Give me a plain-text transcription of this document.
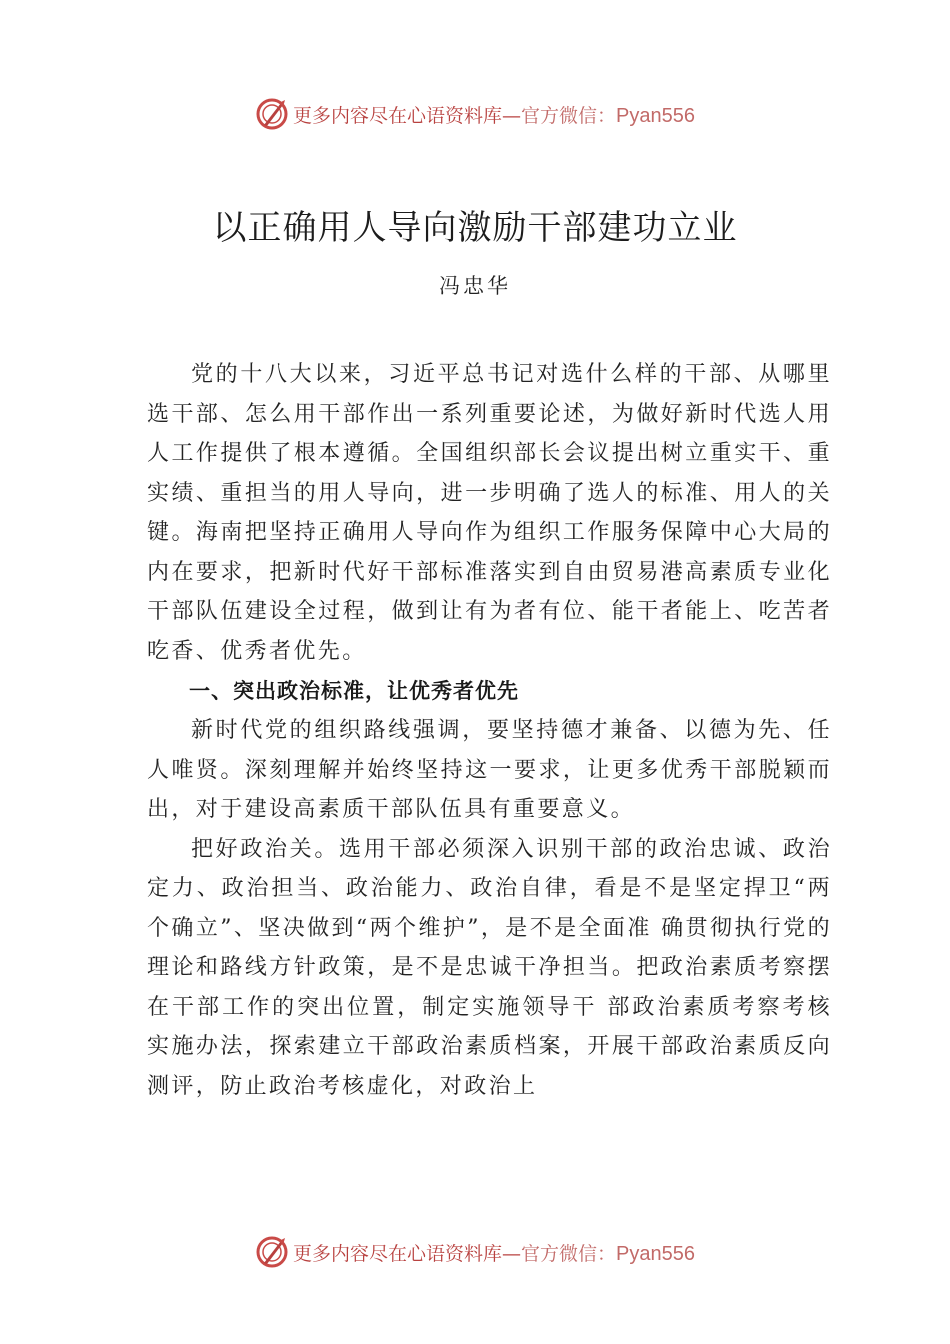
更多内容尽在心语资料库—官方微信：Pyan556
以正确用人导向激励干部建功立业
冯忠华

党的十八大以来，习近平总书记对选什么样的干部、从哪里选干部、怎么用干部作出一系列重要论述，为做好新时代选人用人工作提供了根本遵循。全国组织部长会议提出树立重实干、重实绩、重担当的用人导向，进一步明确了选人的标准、用人的关键。海南把坚持正确用人导向作为组织工作服务保障中心大局的内在要求，把新时代好干部标准落实到自由贸易港高素质专业化干部队伍建设全过程，做到让有为者有位、能干者能上、吃苦者吃香、优秀者优先。

一、突出政治标准，让优秀者优先

新时代党的组织路线强调，要坚持德才兼备、以德为先、任人唯贤。深刻理解并始终坚持这一要求，让更多优秀干部脱颖而出，对于建设高素质干部队伍具有重要意义。

把好政治关。选用干部必须深入识别干部的政治忠诚、政治定力、政治担当、政治能力、政治自律，看是不是坚定捍卫“两个确立”、坚决做到“两个维护”，是不是全面准 确贯彻执行党的理论和路线方针政策，是不是忠诚干净担当。把政治素质考察摆在干部工作的突出位置，制定实施领导干 部政治素质考察考核实施办法，探索建立干部政治素质档案，开展干部政治素质反向测评，防止政治考核虚化，对政治上

更多内容尽在心语资料库—官方微信：Pyan556
